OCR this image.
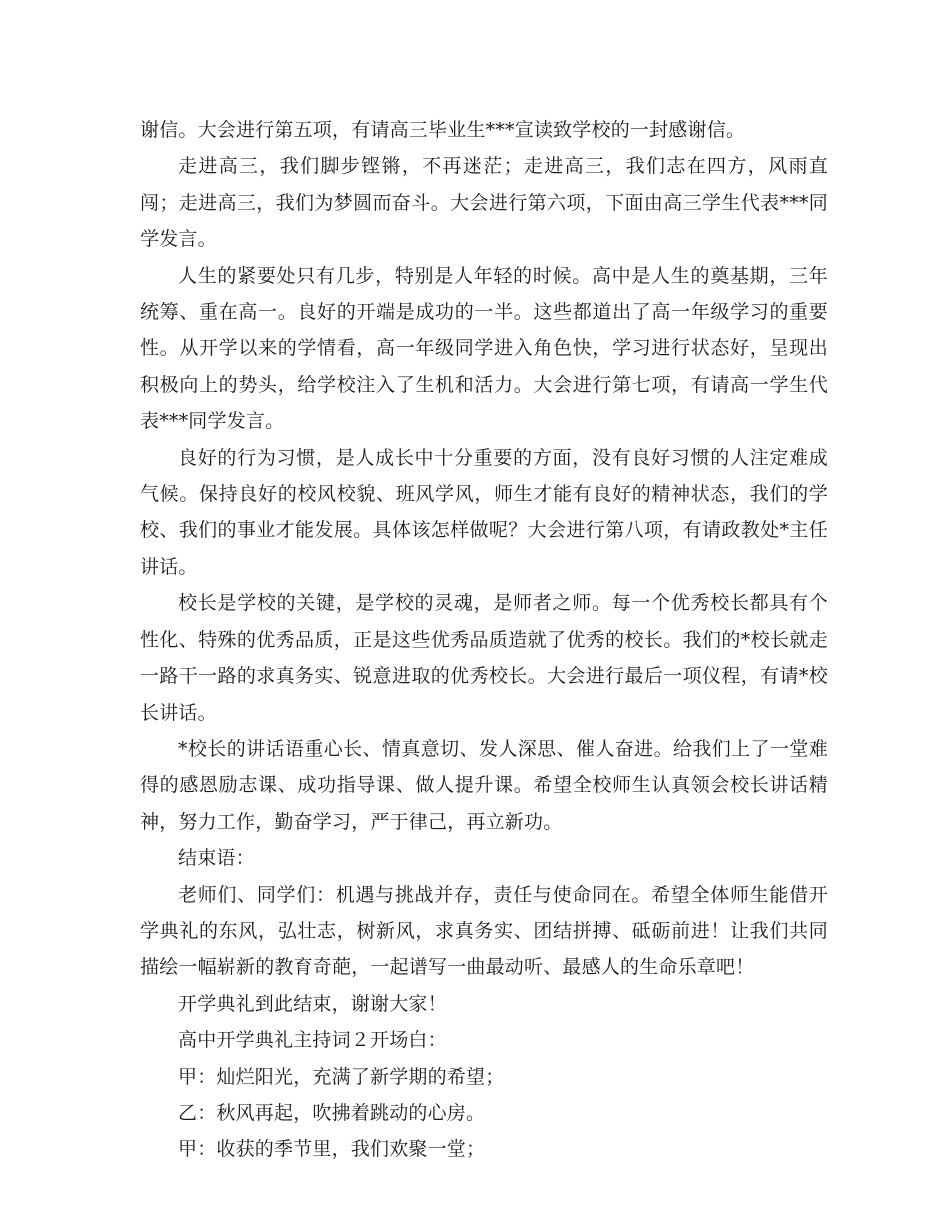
谢信。大会进行第五项，有请高三毕业生***宣读致学校的一封感谢信。

走进高三，我们脚步铿锵，不再迷茫；走进高三，我们志在四方，风雨直闯；走进高三，我们为梦圆而奋斗。大会进行第六项，下面由高三学生代表***同学发言。

人生的紧要处只有几步，特别是人年轻的时候。高中是人生的奠基期，三年统筹、重在高一。良好的开端是成功的一半。这些都道出了高一年级学习的重要性。从开学以来的学情看，高一年级同学进入角色快，学习进行状态好，呈现出积极向上的势头，给学校注入了生机和活力。大会进行第七项，有请高一学生代表***同学发言。

良好的行为习惯，是人成长中十分重要的方面，没有良好习惯的人注定难成气候。保持良好的校风校貌、班风学风，师生才能有良好的精神状态，我们的学校、我们的事业才能发展。具体该怎样做呢？大会进行第八项，有请政教处*主任讲话。

校长是学校的关键，是学校的灵魂，是师者之师。每一个优秀校长都具有个性化、特殊的优秀品质，正是这些优秀品质造就了优秀的校长。我们的*校长就走一路干一路的求真务实、锐意进取的优秀校长。大会进行最后一项仪程，有请*校长讲话。

*校长的讲话语重心长、情真意切、发人深思、催人奋进。给我们上了一堂难得的感恩励志课、成功指导课、做人提升课。希望全校师生认真领会校长讲话精神，努力工作，勤奋学习，严于律己，再立新功。

结束语：

老师们、同学们：机遇与挑战并存，责任与使命同在。希望全体师生能借开学典礼的东风，弘壮志，树新风，求真务实、团结拼搏、砥砺前进！让我们共同描绘一幅崭新的教育奇葩，一起谱写一曲最动听、最感人的生命乐章吧！

开学典礼到此结束，谢谢大家！

高中开学典礼主持词２开场白：

甲：灿烂阳光，充满了新学期的希望；

乙：秋风再起，吹拂着跳动的心房。

甲：收获的季节里，我们欢聚一堂；
